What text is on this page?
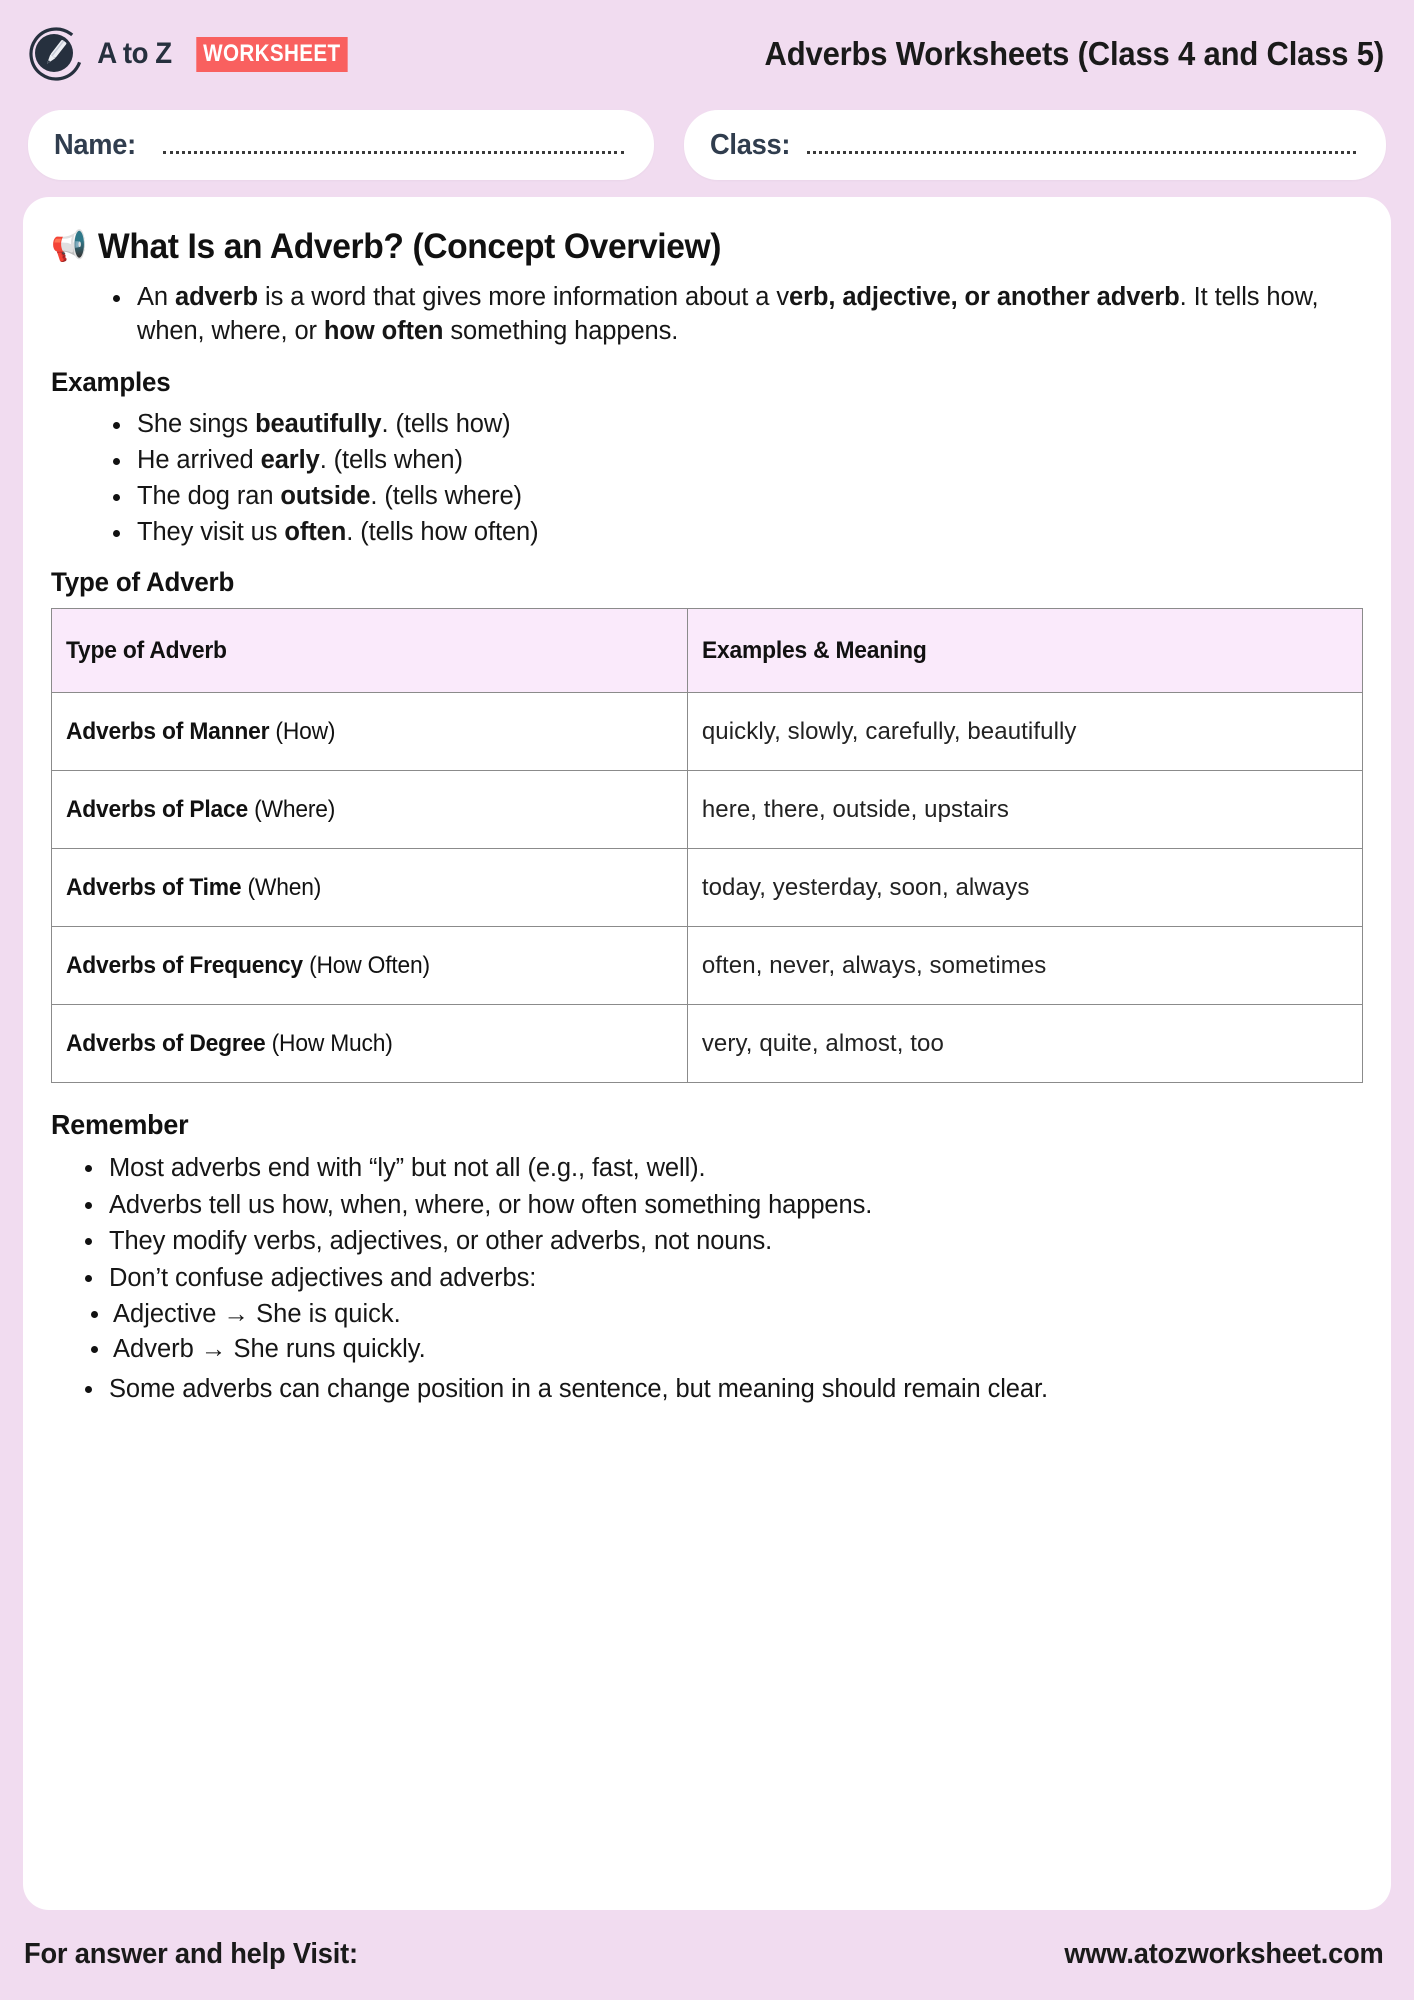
A to Z WORKSHEET	Adverbs Worksheets (Class 4 and Class 5)
Name:	Class:
📢 What Is an Adverb? (Concept Overview)
An adverb is a word that gives more information about a verb, adjective, or another adverb. It tells how, when, where, or how often something happens.
Examples
She sings beautifully. (tells how)
He arrived early. (tells when)
The dog ran outside. (tells where)
They visit us often. (tells how often)
Type of Adverb
Type of Adverb	Examples & Meaning
Adverbs of Manner (How)	quickly, slowly, carefully, beautifully
Adverbs of Place (Where)	here, there, outside, upstairs
Adverbs of Time (When)	today, yesterday, soon, always
Adverbs of Frequency (How Often)	often, never, always, sometimes
Adverbs of Degree (How Much)	very, quite, almost, too
Remember
Most adverbs end with “ly” but not all (e.g., fast, well).
Adverbs tell us how, when, where, or how often something happens.
They modify verbs, adjectives, or other adverbs, not nouns.
Don’t confuse adjectives and adverbs:
Adjective → She is quick.
Adverb → She runs quickly.
Some adverbs can change position in a sentence, but meaning should remain clear.
For answer and help Visit:	www.atozworksheet.com
